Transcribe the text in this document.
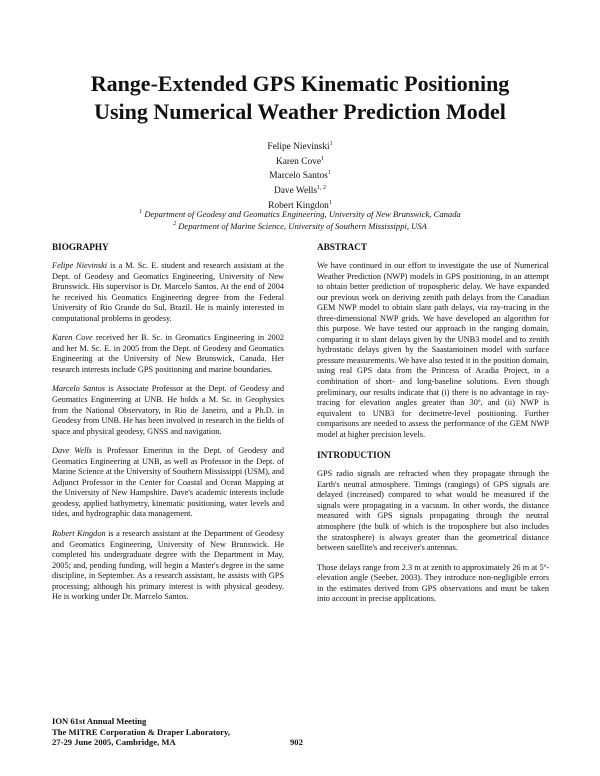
Range-Extended GPS Kinematic Positioning
Using Numerical Weather Prediction Model
Felipe Nievinski$^1$
Karen Cove$^1$
Marcelo Santos$^1$
Dave Wells$^{1, 2}$
Robert Kingdon$^1$
$^1$ Department of Geodesy and Geomatics Engineering, University of New Brunswick, Canada
$^2$ Department of Marine Science, University of Southern Mississippi, USA
BIOGRAPHY

Felipe Nievinski is a M. Sc. E. student and research assistant at the Dept. of Geodesy and Geomatics Engineering, University of New Brunswick. His supervisor is Dr. Marcelo Santos. At the end of 2004 he received his Geomatics Engineering degree from the Federal University of Rio Grande do Sul, Brazil. He is mainly interested in computational problems in geodesy.

Karen Cove received her B. Sc. in Geomatics Engineering in 2002 and her M. Sc. E. in 2005 from the Dept. of Geodesy and Geomatics Engineering at the University of New Brunswick, Canada. Her research interests include GPS positioning and marine boundaries.

Marcelo Santos is Associate Professor at the Dept. of Geodesy and Geomatics Engineering at UNB. He holds a M. Sc. in Geophysics from the National Observatory, in Rio de Janeiro, and a Ph.D. in Geodesy from UNB. He has been involved in research in the fields of space and physical geodesy, GNSS and navigation.

Dave Wells is Professor Emeritus in the Dept. of Geodesy and Geomatics Engineering at UNB, as well as Professor in the Dept. of Marine Science at the University of Southern Mississippi (USM), and Adjunct Professor in the Center for Coastal and Ocean Mapping at the University of New Hampshire. Dave's academic interests include geodesy, applied bathymetry, kinematic positioning, water levels and tides, and hydrographic data management.

Robert Kingdon is a research assistant at the Department of Geodesy and Geomatics Engineering, University of New Brunswick. He completed his undergraduate degree with the Department in May, 2005; and, pending funding, will begin a Master's degree in the same discipline, in September. As a research assistant, he assists with GPS processing; although his primary interest is with physical geodesy. He is working under Dr. Marcelo Santos.

ABSTRACT

We have continued in our effort to investigate the use of Numerical Weather Prediction (NWP) models in GPS positioning, in an attempt to obtain better prediction of tropospheric delay. We have expanded our previous work on deriving zenith path delays from the Canadian GEM NWP model to obtain slant path delays, via ray-tracing in the three-dimensional NWP grids. We have developed an algorithm for this purpose. We have tested our approach in the ranging domain, comparing it to slant delays given by the UNB3 model and to zenith hydrostatic delays given by the Saastamoinen model with surface pressure measurements. We have also tested it in the position domain, using real GPS data from the Princess of Acadia Project, in a combination of short- and long-baseline solutions. Even though preliminary, our results indicate that (i) there is no advantage in ray-tracing for elevation angles greater than 30º, and (ii) NWP is equivalent to UNB3 for decimetre-level positioning. Further comparisons are needed to assess the performance of the GEM NWP model at higher precision levels.

INTRODUCTION

GPS radio signals are refracted when they propagate through the Earth's neutral atmosphere. Timings (rangings) of GPS signals are delayed (increased) compared to what would be measured if the signals were propagating in a vacuum. In other words, the distance measured with GPS signals propagating through the neutral atmosphere (the bulk of which is the troposphere but also includes the stratosphere) is always greater than the geometrical distance between satellite's and receiver's antennas.

Those delays range from 2.3 m at zenith to approximately 26 m at 5º-elevation angle (Seeber, 2003). They introduce non-negligible errors in the estimates derived from GPS observations and must be taken into account in precise applications.

ION 61st Annual Meeting
The MITRE Corporation & Draper Laboratory,
27-29 June 2005, Cambridge, MA	902
